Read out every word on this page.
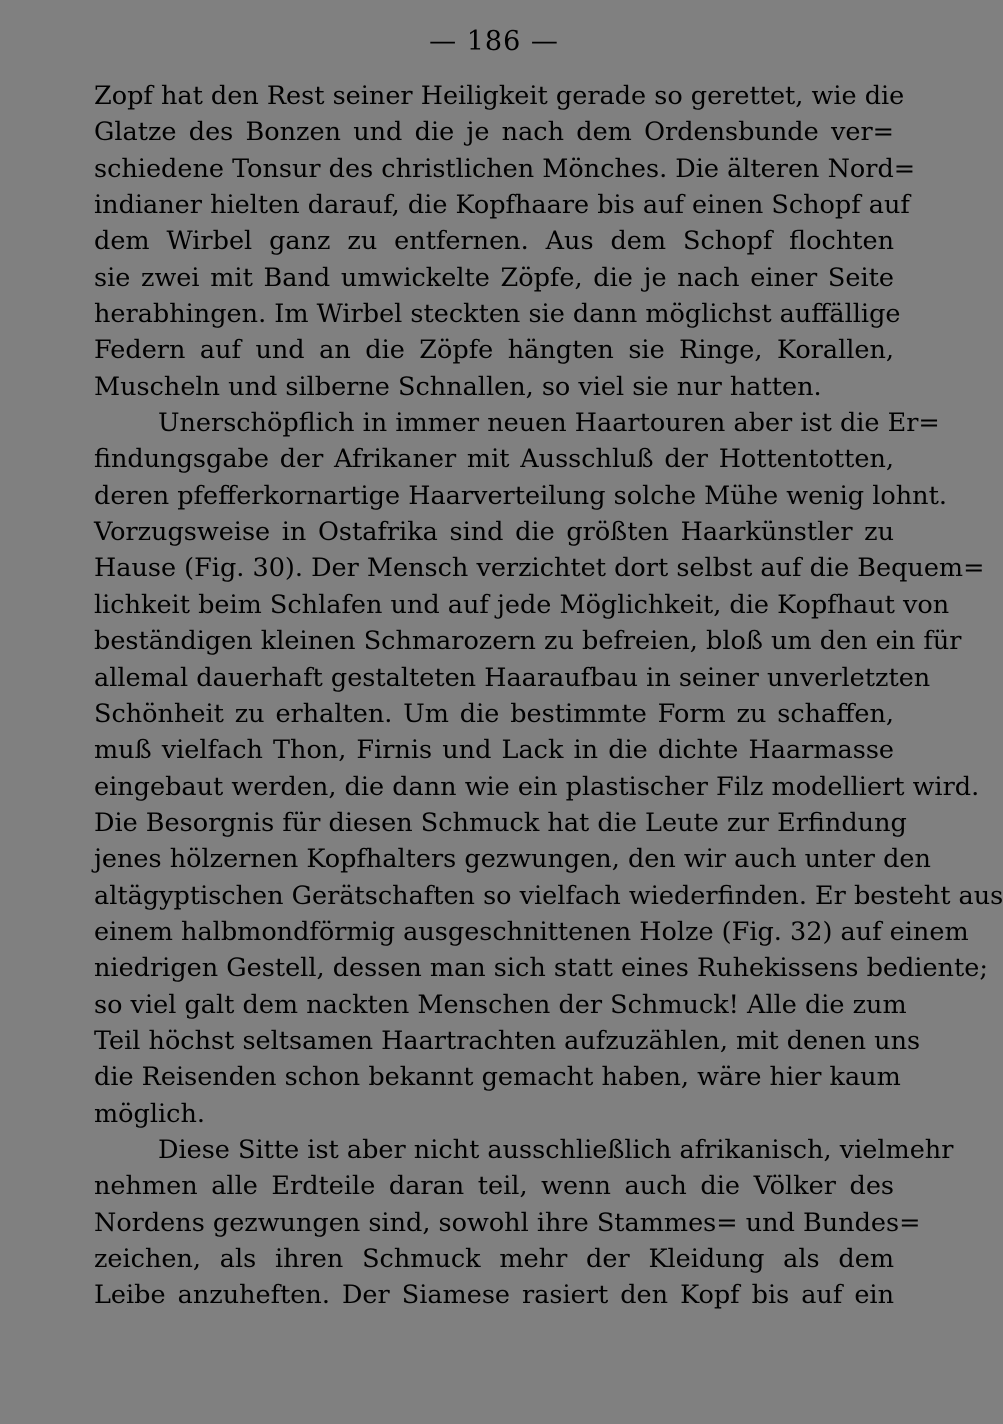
— 186 —
Zopf hat den Rest seiner Heiligkeit gerade so gerettet, wie die
Glatze des Bonzen und die je nach dem Ordensbunde ver=
schiedene Tonsur des christlichen Mönches. Die älteren Nord=
indianer hielten darauf, die Kopfhaare bis auf einen Schopf auf
dem Wirbel ganz zu entfernen. Aus dem Schopf flochten
sie zwei mit Band umwickelte Zöpfe, die je nach einer Seite
herabhingen. Im Wirbel steckten sie dann möglichst auffällige
Federn auf und an die Zöpfe hängten sie Ringe, Korallen,
Muscheln und silberne Schnallen, so viel sie nur hatten.
Unerschöpflich in immer neuen Haartouren aber ist die Er=
findungsgabe der Afrikaner mit Ausschluß der Hottentotten,
deren pfefferkornartige Haarverteilung solche Mühe wenig lohnt.
Vorzugsweise in Ostafrika sind die größten Haarkünstler zu
Hause (Fig. 30). Der Mensch verzichtet dort selbst auf die Bequem=
lichkeit beim Schlafen und auf jede Möglichkeit, die Kopfhaut von
beständigen kleinen Schmarozern zu befreien, bloß um den ein für
allemal dauerhaft gestalteten Haaraufbau in seiner unverletzten
Schönheit zu erhalten. Um die bestimmte Form zu schaffen,
muß vielfach Thon, Firnis und Lack in die dichte Haarmasse
eingebaut werden, die dann wie ein plastischer Filz modelliert wird.
Die Besorgnis für diesen Schmuck hat die Leute zur Erfindung
jenes hölzernen Kopfhalters gezwungen, den wir auch unter den
altägyptischen Gerätschaften so vielfach wiederfinden. Er besteht aus
einem halbmondförmig ausgeschnittenen Holze (Fig. 32) auf einem
niedrigen Gestell, dessen man sich statt eines Ruhekissens bediente;
so viel galt dem nackten Menschen der Schmuck! Alle die zum
Teil höchst seltsamen Haartrachten aufzuzählen, mit denen uns
die Reisenden schon bekannt gemacht haben, wäre hier kaum
möglich.
Diese Sitte ist aber nicht ausschließlich afrikanisch, vielmehr
nehmen alle Erdteile daran teil, wenn auch die Völker des
Nordens gezwungen sind, sowohl ihre Stammes= und Bundes=
zeichen, als ihren Schmuck mehr der Kleidung als dem
Leibe anzuheften. Der Siamese rasiert den Kopf bis auf ein
